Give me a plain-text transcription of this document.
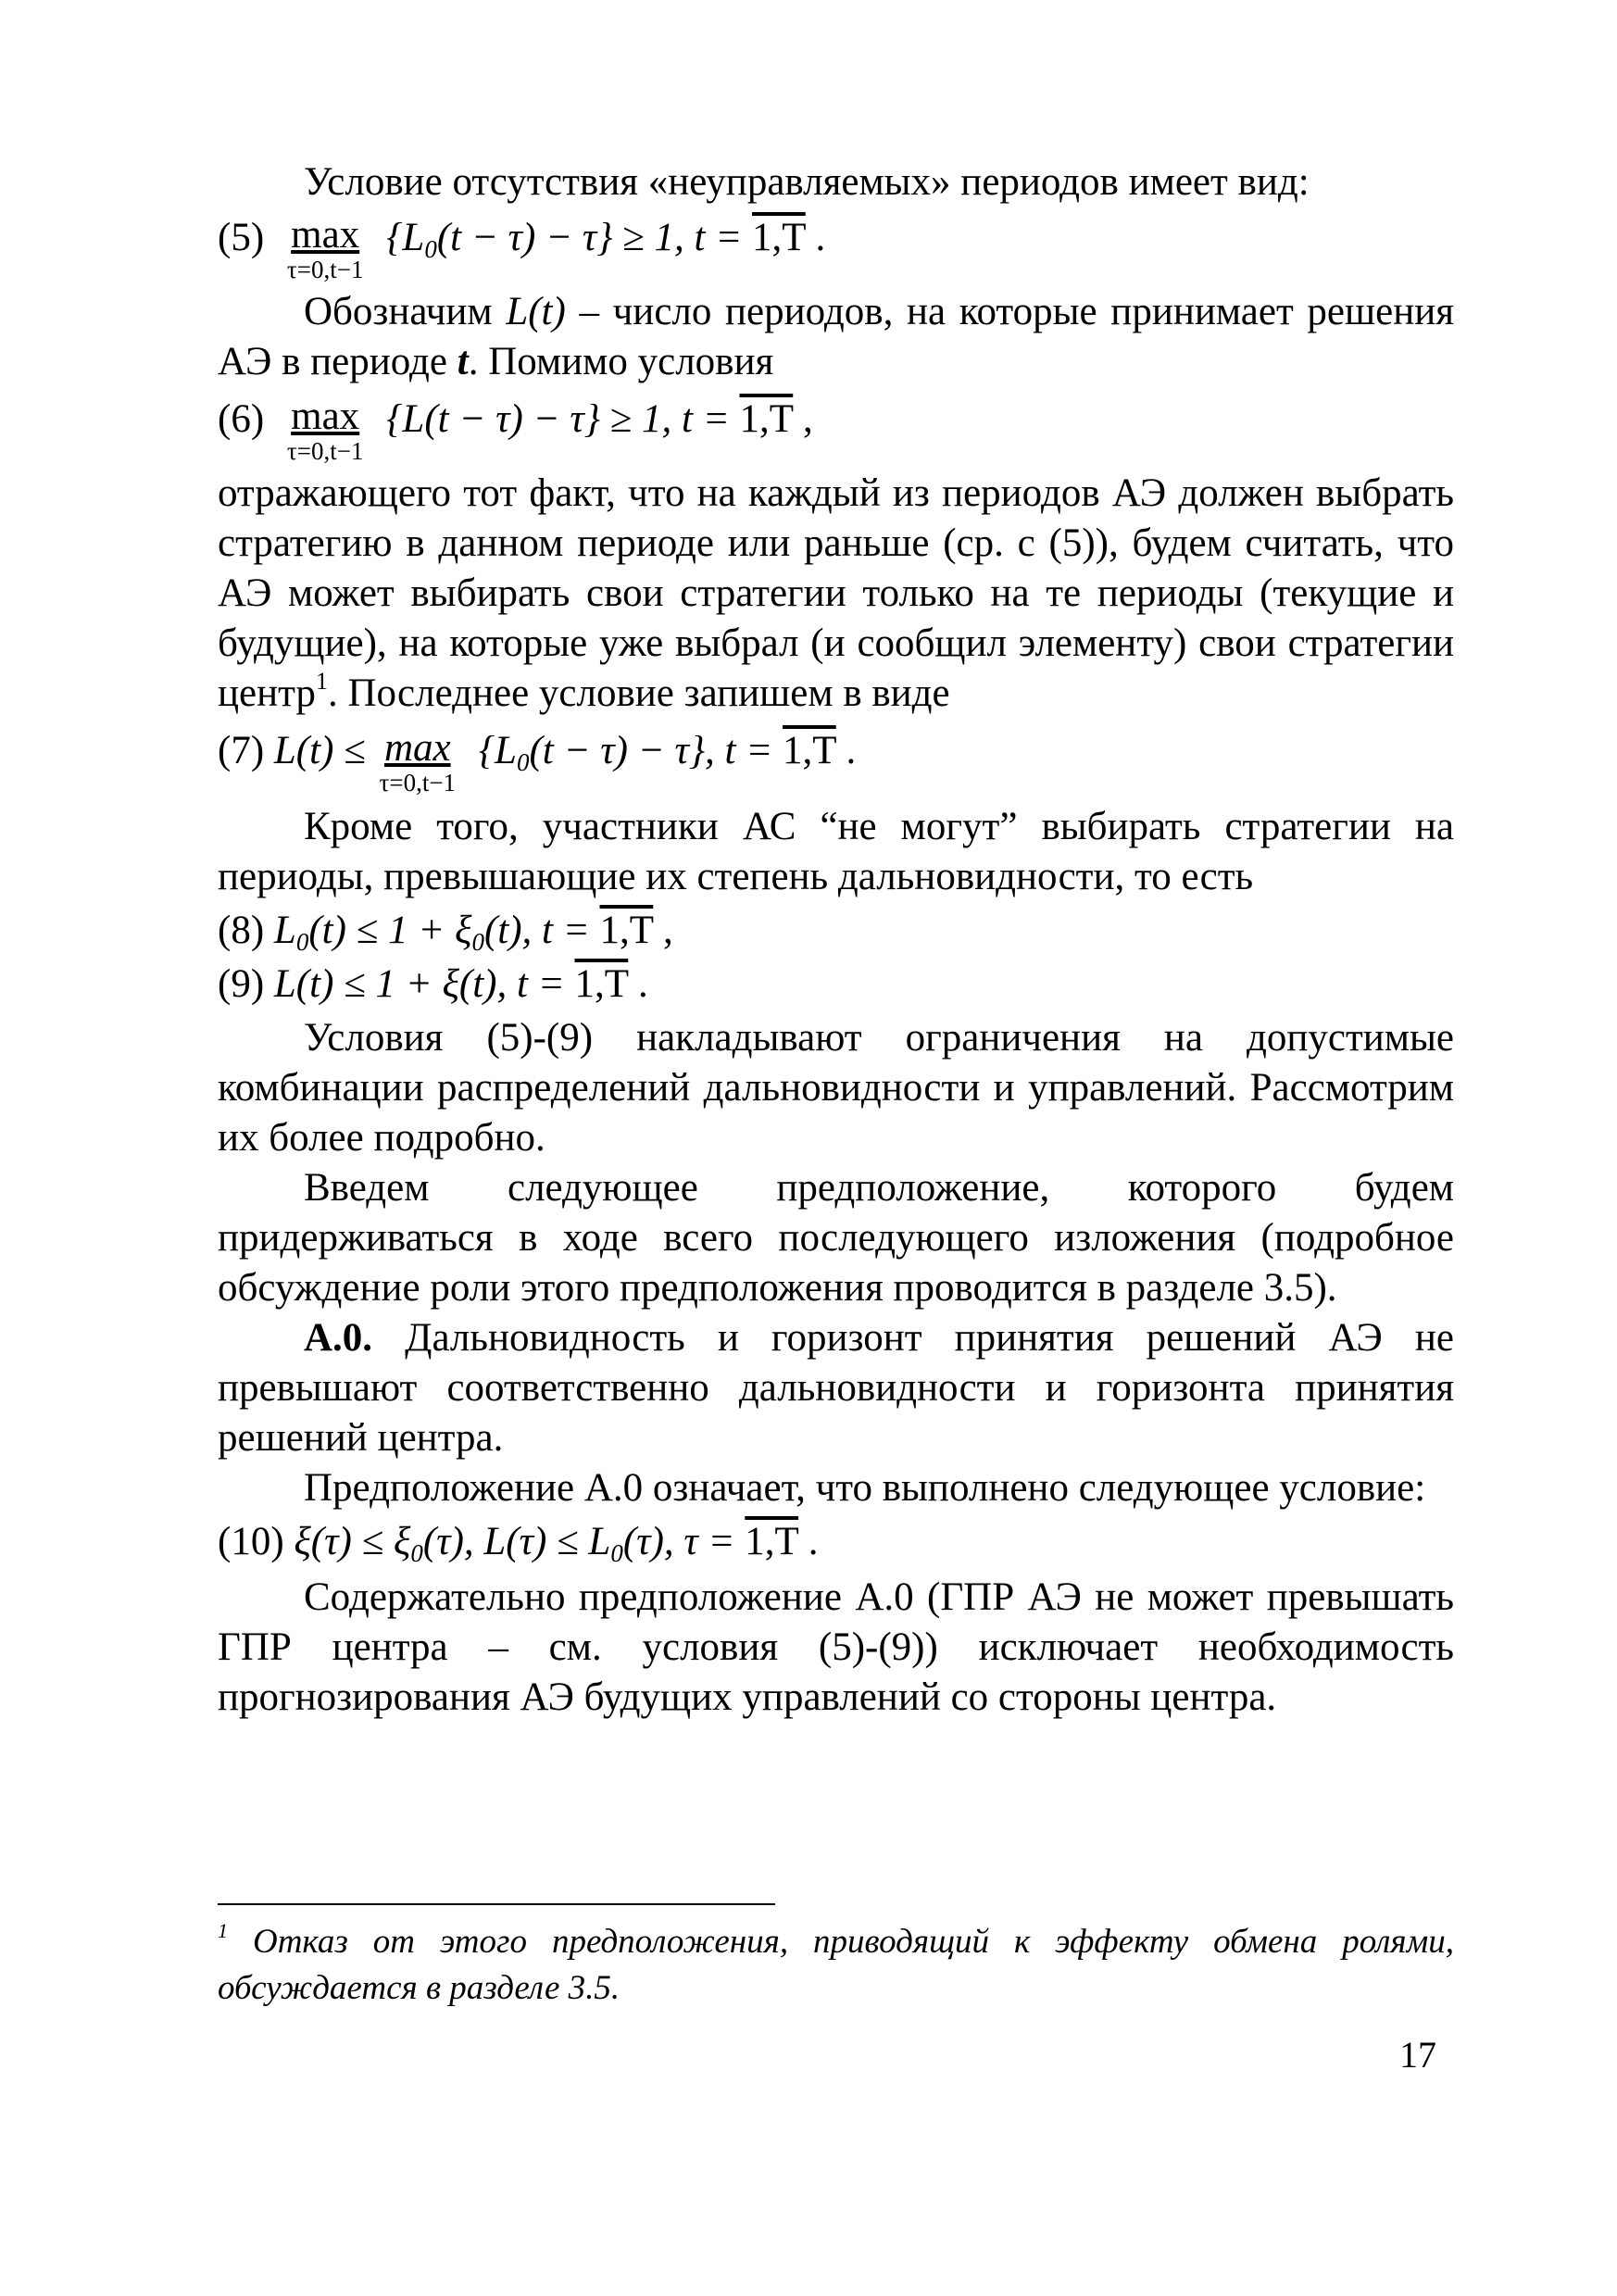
Условие отсутствия «неуправляемых» периодов имеет вид:

(5) max
τ=0,t−1
$\{L_0(t - \tau) - \tau\} \ge 1$, t = 1,T .

Обозначим L(t) – число периодов, на которые принимает решения АЭ в периоде t. Помимо условия

(6) max
τ=0,t−1
{L(t − τ) − τ} ≥ 1, t = 1,T ,

отражающего тот факт, что на каждый из периодов АЭ должен выбрать стратегию в данном периоде или раньше (ср. с (5)), будем считать, что АЭ может выбирать свои стратегии только на те периоды (текущие и будущие), на которые уже выбрал (и сообщил элементу) свои стратегии центр$^1$. Последнее условие запишем в виде

(7) L(t) ≤ max
τ=0,t−1
$\{L_0(t - \tau) - \tau\}$, t = 1,T .

Кроме того, участники АС “не могут” выбирать стратегии на периоды, превышающие их степень дальновидности, то есть

(8) $L_0(t) \le 1 + \xi_0(t)$, t = 1,T ,
(9) L(t) ≤ 1 + ξ(t), t = 1,T .

Условия (5)-(9) накладывают ограничения на допустимые комбинации распределений дальновидности и управлений. Рассмотрим их более подробно.

Введем следующее предположение, которого будем придерживаться в ходе всего последующего изложения (подробное обсуждение роли этого предположения проводится в разделе 3.5).

А.0. Дальновидность и горизонт принятия решений АЭ не превышают соответственно дальновидности и горизонта принятия решений центра.

Предположение А.0 означает, что выполнено следующее условие:

(10) $\xi(\tau) \le \xi_0(\tau)$, $L(\tau) \le L_0(\tau)$, τ = 1,T .

Содержательно предположение А.0 (ГПР АЭ не может превышать ГПР центра – см. условия (5)-(9)) исключает необходимость прогнозирования АЭ будущих управлений со стороны центра.

$^1$ Отказ от этого предположения, приводящий к эффекту обмена ролями, обсуждается в разделе 3.5.
17
